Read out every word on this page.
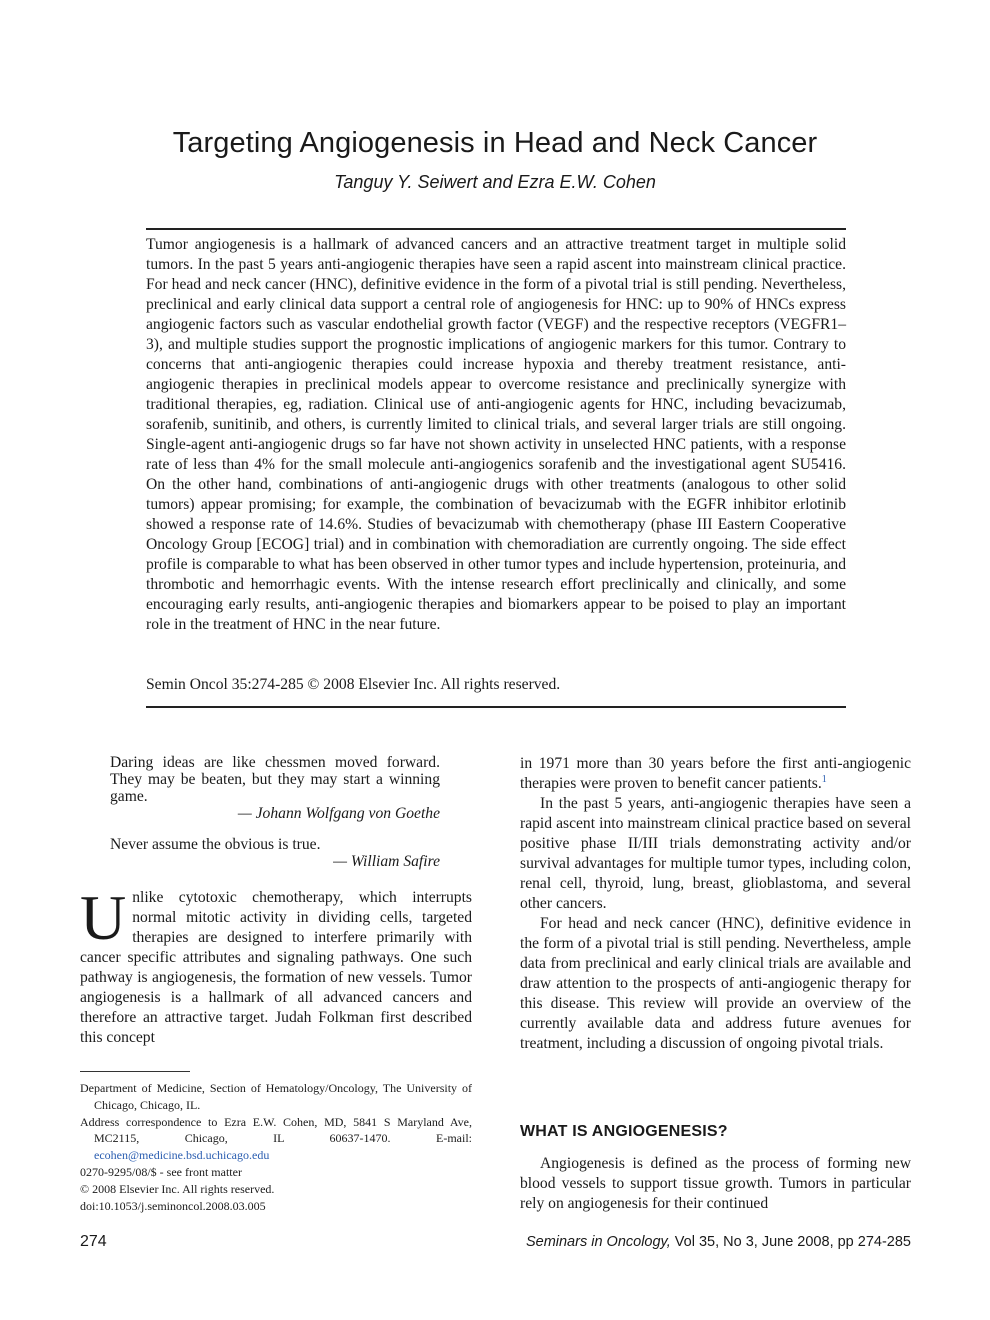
Targeting Angiogenesis in Head and Neck Cancer
Tanguy Y. Seiwert and Ezra E.W. Cohen

Tumor angiogenesis is a hallmark of advanced cancers and an attractive treatment target in multiple solid tumors. In the past 5 years anti-angiogenic therapies have seen a rapid ascent into mainstream clinical practice. For head and neck cancer (HNC), definitive evidence in the form of a pivotal trial is still pending. Nevertheless, preclinical and early clinical data support a central role of angiogenesis for HNC: up to 90% of HNCs express angiogenic factors such as vascular endothelial growth factor (VEGF) and the respective receptors (VEGFR1–3), and multiple studies support the prognostic implications of angiogenic markers for this tumor. Contrary to concerns that anti-angiogenic therapies could increase hypoxia and thereby treatment resistance, anti-angiogenic therapies in preclinical models appear to overcome resistance and preclinically synergize with traditional therapies, eg, radiation. Clinical use of anti-angiogenic agents for HNC, including bevacizumab, sorafenib, sunitinib, and others, is currently limited to clinical trials, and several larger trials are still ongoing. Single-agent anti-angiogenic drugs so far have not shown activity in unselected HNC patients, with a response rate of less than 4% for the small molecule anti-angiogenics sorafenib and the investigational agent SU5416. On the other hand, combinations of anti-angiogenic drugs with other treatments (analogous to other solid tumors) appear promising; for example, the combination of bevacizumab with the EGFR inhibitor erlotinib showed a response rate of 14.6%. Studies of bevacizumab with chemotherapy (phase III Eastern Cooperative Oncology Group [ECOG] trial) and in combination with chemoradiation are currently ongoing. The side effect profile is comparable to what has been observed in other tumor types and include hypertension, proteinuria, and thrombotic and hemorrhagic events. With the intense research effort preclinically and clinically, and some encouraging early results, anti-angiogenic therapies and biomarkers appear to be poised to play an important role in the treatment of HNC in the near future.

Semin Oncol 35:274-285 © 2008 Elsevier Inc. All rights reserved.

Daring ideas are like chessmen moved forward. They may be beaten, but they may start a winning game.
— Johann Wolfgang von Goethe
Never assume the obvious is true.
— William Safire

Unlike cytotoxic chemotherapy, which interrupts normal mitotic activity in dividing cells, targeted therapies are designed to interfere primarily with cancer specific attributes and signaling pathways. One such pathway is angiogenesis, the formation of new vessels. Tumor angiogenesis is a hallmark of all advanced cancers and therefore an attractive target. Judah Folkman first described this concept

Department of Medicine, Section of Hematology/Oncology, The University of Chicago, Chicago, IL.

Address correspondence to Ezra E.W. Cohen, MD, 5841 S Maryland Ave, MC2115, Chicago, IL 60637-1470. E-mail: ecohen@medicine.bsd.uchicago.edu

0270-9295/08/$ - see front matter

© 2008 Elsevier Inc. All rights reserved.

doi:10.1053/j.seminoncol.2008.03.005

in 1971 more than 30 years before the first anti-angiogenic therapies were proven to benefit cancer patients.$^1$

In the past 5 years, anti-angiogenic therapies have seen a rapid ascent into mainstream clinical practice based on several positive phase II/III trials demonstrating activity and/or survival advantages for multiple tumor types, including colon, renal cell, thyroid, lung, breast, glioblastoma, and several other cancers.

For head and neck cancer (HNC), definitive evidence in the form of a pivotal trial is still pending. Nevertheless, ample data from preclinical and early clinical trials are available and draw attention to the prospects of anti-angiogenic therapy for this disease. This review will provide an overview of the currently available data and address future avenues for treatment, including a discussion of ongoing pivotal trials.

WHAT IS ANGIOGENESIS?

Angiogenesis is defined as the process of forming new blood vessels to support tissue growth. Tumors in particular rely on angiogenesis for their continued

274	Seminars in Oncology, Vol 35, No 3, June 2008, pp 274-285
